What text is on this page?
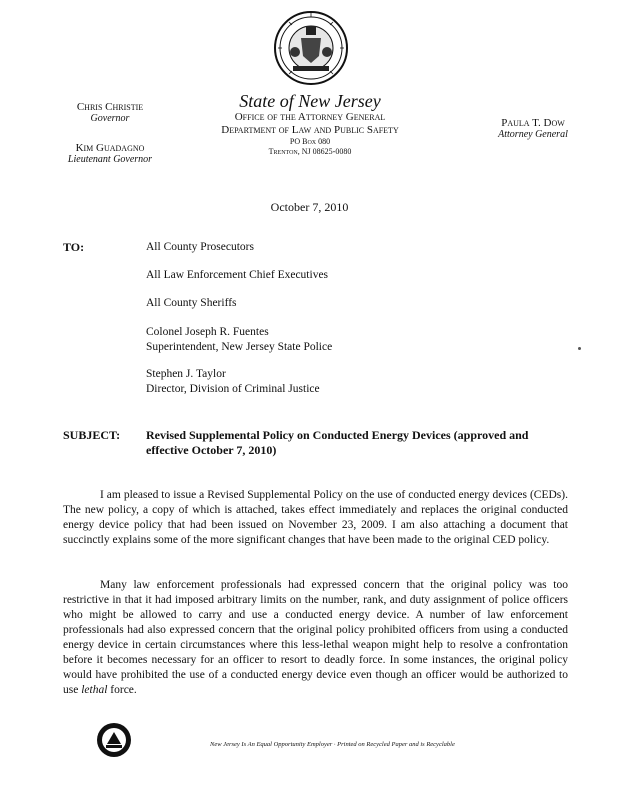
Chris Christie
Governor
Kim Guadagno
Lieutenant Governor
Paula T. Dow
Attorney General
State of New Jersey
Office of the Attorney General
Department of Law and Public Safety
PO Box 080
Trenton, NJ 08625-0080
October 7, 2010
TO:	All County Prosecutors
All Law Enforcement Chief Executives
All County Sheriffs
Colonel Joseph R. Fuentes
Superintendent, New Jersey State Police
Stephen J. Taylor
Director, Division of Criminal Justice
SUBJECT: Revised Supplemental Policy on Conducted Energy Devices (approved and effective October 7, 2010)

I am pleased to issue a Revised Supplemental Policy on the use of conducted energy devices (CEDs). The new policy, a copy of which is attached, takes effect immediately and replaces the original conducted energy device policy that had been issued on November 23, 2009. I am also attaching a document that succinctly explains some of the more significant changes that have been made to the original CED policy.

Many law enforcement professionals had expressed concern that the original policy was too restrictive in that it had imposed arbitrary limits on the number, rank, and duty assignment of police officers who might be allowed to carry and use a conducted energy device. A number of law enforcement professionals had also expressed concern that the original policy prohibited officers from using a conducted energy device in certain circumstances where this less-lethal weapon might help to resolve a confrontation before it becomes necessary for an officer to resort to deadly force. In some instances, the original policy would have prohibited the use of a conducted energy device even though an officer would be authorized to use lethal force.

New Jersey Is An Equal Opportunity Employer · Printed on Recycled Paper and is Recyclable
